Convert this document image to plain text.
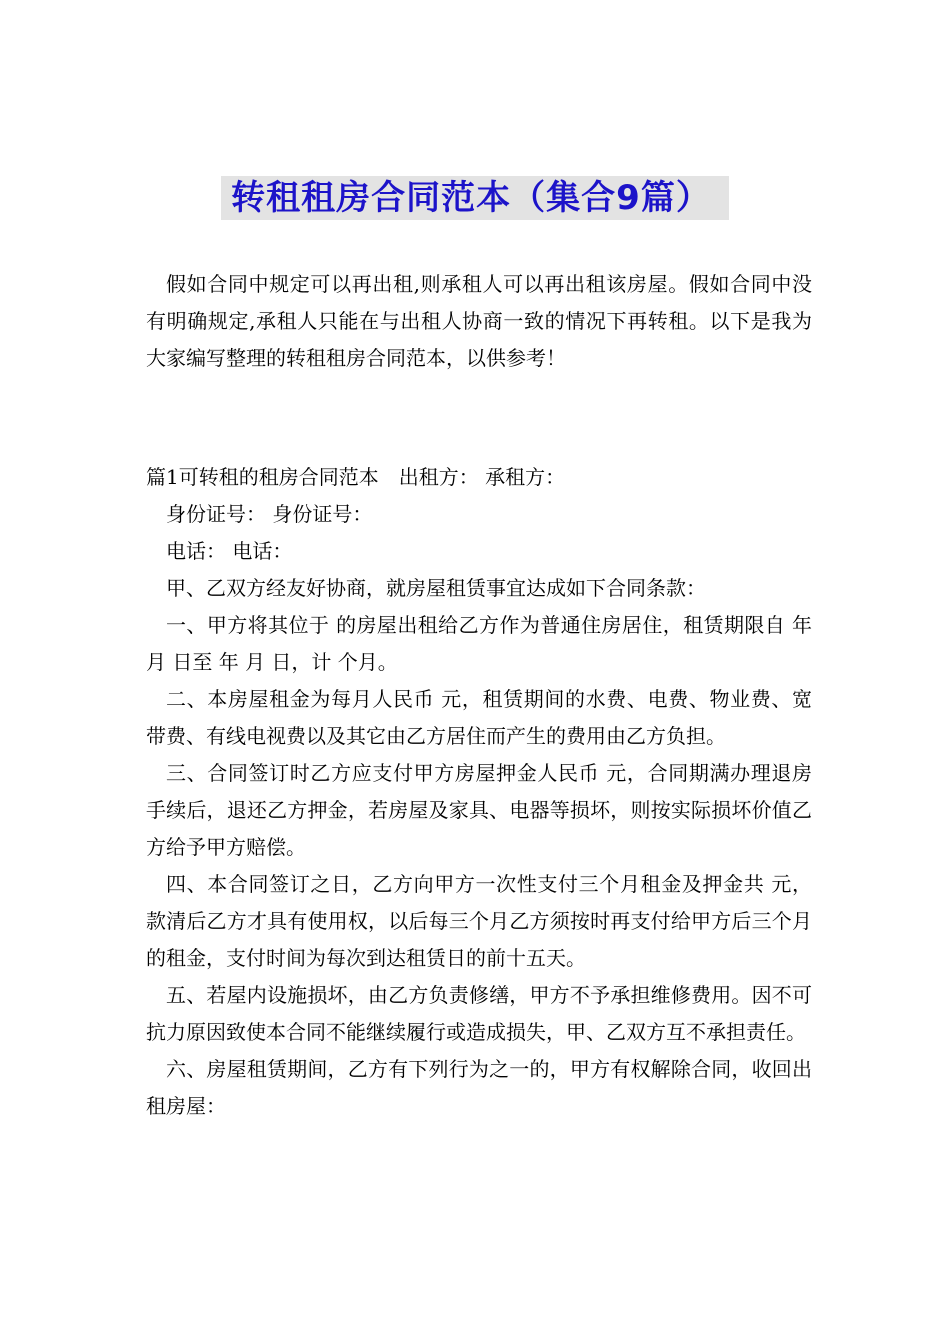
转租租房合同范本（集合9篇）

假如合同中规定可以再出租,则承租人可以再出租该房屋。假如合同中没有明确规定,承租人只能在与出租人协商一致的情况下再转租。以下是我为大家编写整理的转租租房合同范本，以供参考！

篇1可转租的租房合同范本　出租方： 承租方：

身份证号： 身份证号：

电话： 电话：

甲、乙双方经友好协商，就房屋租赁事宜达成如下合同条款：

一、甲方将其位于 的房屋出租给乙方作为普通住房居住，租赁期限自 年 月 日至 年 月 日，计 个月。

二、本房屋租金为每月人民币 元，租赁期间的水费、电费、物业费、宽带费、有线电视费以及其它由乙方居住而产生的费用由乙方负担。

三、合同签订时乙方应支付甲方房屋押金人民币 元，合同期满办理退房手续后，退还乙方押金，若房屋及家具、电器等损坏，则按实际损坏价值乙方给予甲方赔偿。

四、本合同签订之日，乙方向甲方一次性支付三个月租金及押金共 元，款清后乙方才具有使用权，以后每三个月乙方须按时再支付给甲方后三个月的租金，支付时间为每次到达租赁日的前十五天。

五、若屋内设施损坏，由乙方负责修缮，甲方不予承担维修费用。因不可抗力原因致使本合同不能继续履行或造成损失，甲、乙双方互不承担责任。

六、房屋租赁期间，乙方有下列行为之一的，甲方有权解除合同，收回出租房屋：
